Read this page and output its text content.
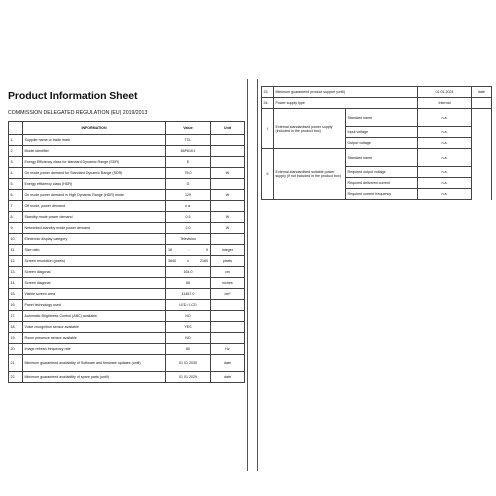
Product Information Sheet
COMMISSION DELEGATED REGULATION (EU) 2019/2013
	INFORMATION	Value	Unit
1.	Supplier name or trade mark	TCL	
2.	Model identifier	65P61K1	
3.	Energy Efficiency class for standard Dynamic Range (SDR)	E	
4.	On mode power demand for Standard Dynamic Range (SDR)	75.0	W
5.	Energy efficiency class (HDR)	G	
6.	On mode power demand in High Dynamic Range (HDR) mode	129	W
7.	Off mode, power demand	n.a.	
8.	Standby mode power demand	0.5	W
9.	Networked standby mode power demand	2.0	W
10.	Electronic display category	Television	
11.	Size ratio	16 : 9	integer
12.	Screen resolution (pixels)	3840 x 2160	pixels
13.	Screen diagonal	164.0	cm
14.	Screen diagonal	65	inches
15.	Visible screen area	11487.0	cm²
16.	Panel technology used	LED / LCD	
17.	Automatic Brightness Control (ABC) available	NO	
18.	Voice recognition sensor available	YES	
19.	Room presence sensor available	NO	
20.	Image refresh frequency rate	60	Hz
21.	Minimum guaranteed availability of Software and firmware updates (until)	01 01 2030	date
22.	Minimum guaranteed availability of spare parts (until)	01 01 2029	date
23.	Minimum guaranteed product support (until)		01 01 2024	date
24.	Power supply type		Internal	
I	External standardised power supply (included in the product box)	Standard name	n.a.	
		Input voltage	n.a.	
		Output voltage	n.a.	
II	External standardised suitable power supply (if not included in the product box)	Standard name	n.a.	
		Required output voltage	n.a.	
		Required delivered current	n.a.	
		Required current frequency	n.a.	
